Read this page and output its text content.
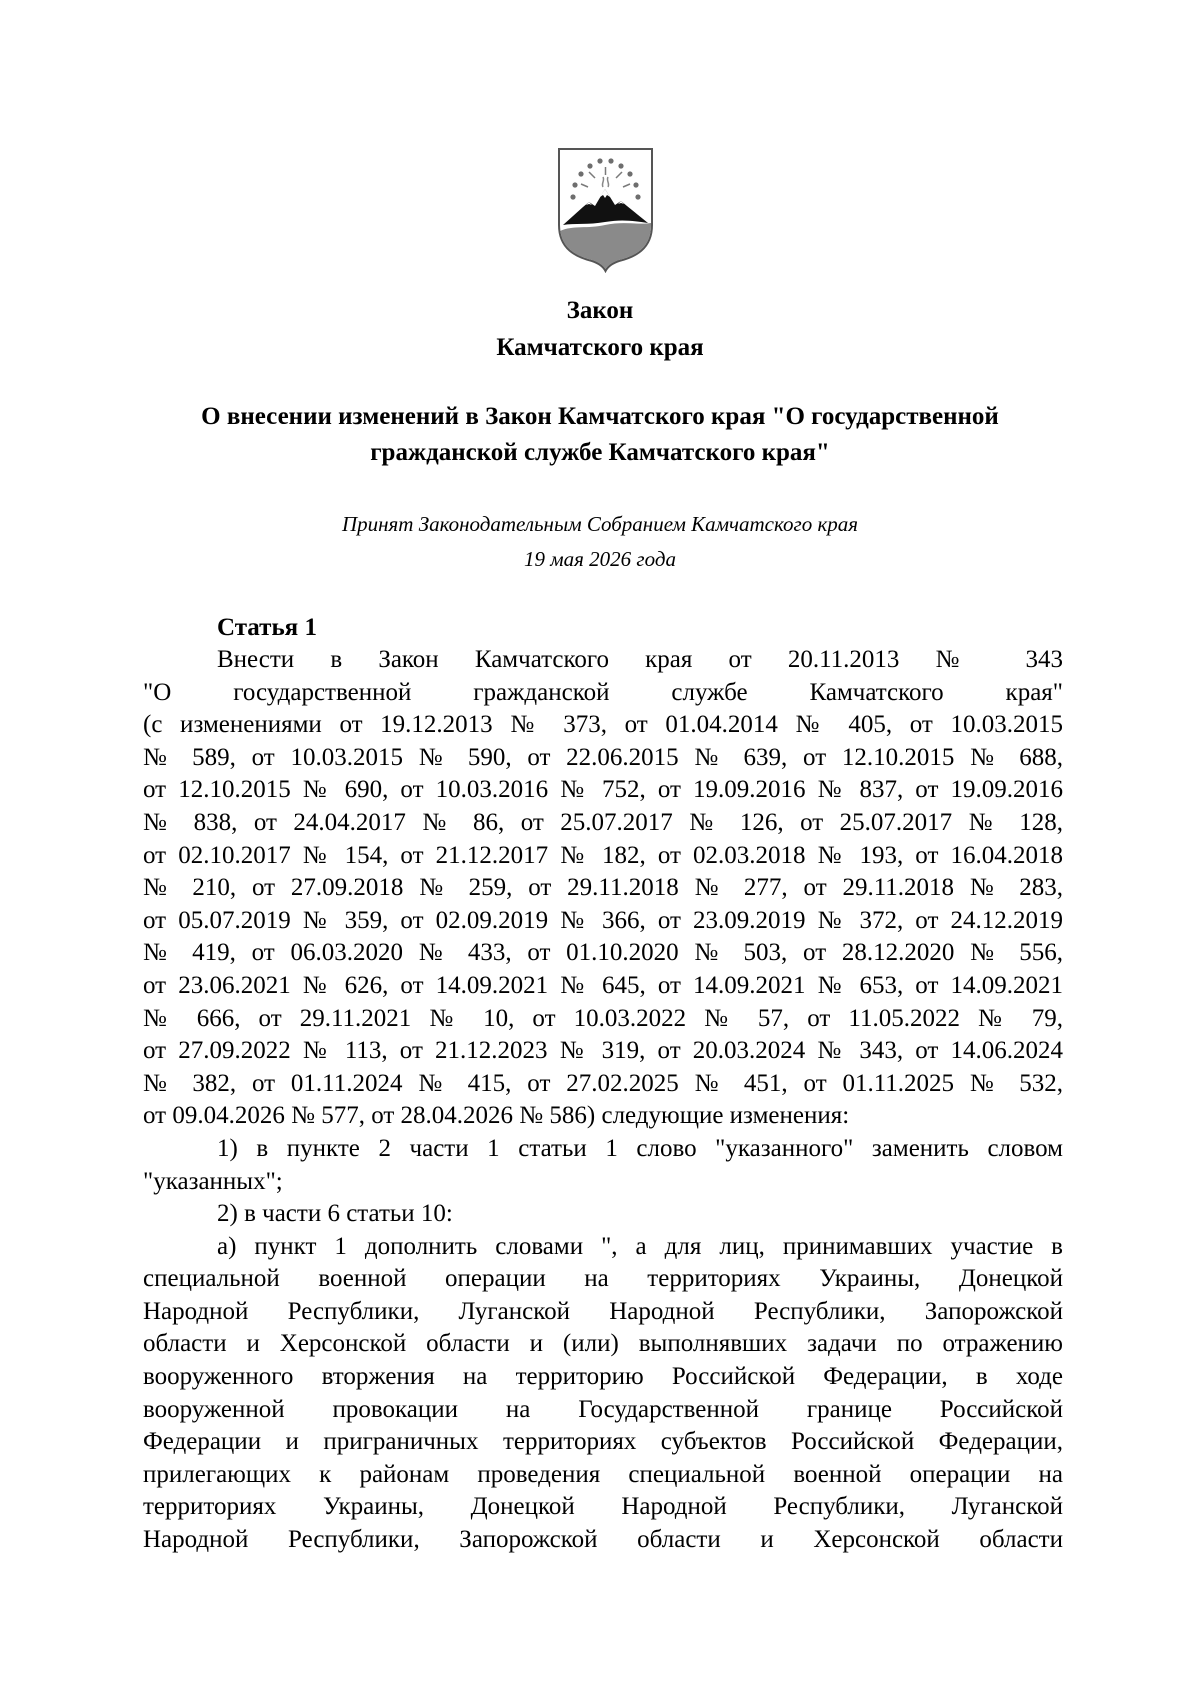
Закон
Камчатского края
О внесении изменений в Закон Камчатского края "О государственной
гражданской службе Камчатского края"
Принят Законодательным Собранием Камчатского края
19 мая 2026 года
Статья 1
Внести в Закон Камчатского края от 20.11.2013 № 343
"О государственной гражданской службе Камчатского края"
(с изменениями от 19.12.2013 № 373, от 01.04.2014 № 405, от 10.03.2015
№ 589, от 10.03.2015 № 590, от 22.06.2015 № 639, от 12.10.2015 № 688,
от 12.10.2015 № 690, от 10.03.2016 № 752, от 19.09.2016 № 837, от 19.09.2016
№ 838, от 24.04.2017 № 86, от 25.07.2017 № 126, от 25.07.2017 № 128,
от 02.10.2017 № 154, от 21.12.2017 № 182, от 02.03.2018 № 193, от 16.04.2018
№ 210, от 27.09.2018 № 259, от 29.11.2018 № 277, от 29.11.2018 № 283,
от 05.07.2019 № 359, от 02.09.2019 № 366, от 23.09.2019 № 372, от 24.12.2019
№ 419, от 06.03.2020 № 433, от 01.10.2020 № 503, от 28.12.2020 № 556,
от 23.06.2021 № 626, от 14.09.2021 № 645, от 14.09.2021 № 653, от 14.09.2021
№ 666, от 29.11.2021 № 10, от 10.03.2022 № 57, от 11.05.2022 № 79,
от 27.09.2022 № 113, от 21.12.2023 № 319, от 20.03.2024 № 343, от 14.06.2024
№ 382, от 01.11.2024 № 415, от 27.02.2025 № 451, от 01.11.2025 № 532,
от 09.04.2026 № 577, от 28.04.2026 № 586) следующие изменения:
1) в пункте 2 части 1 статьи 1 слово "указанного" заменить словом
"указанных";
2) в части 6 статьи 10:
а) пункт 1 дополнить словами ", а для лиц, принимавших участие в
специальной военной операции на территориях Украины, Донецкой
Народной Республики, Луганской Народной Республики, Запорожской
области и Херсонской области и (или) выполнявших задачи по отражению
вооруженного вторжения на территорию Российской Федерации, в ходе
вооруженной провокации на Государственной границе Российской
Федерации и приграничных территориях субъектов Российской Федерации,
прилегающих к районам проведения специальной военной операции на
территориях Украины, Донецкой Народной Республики, Луганской
Народной Республики, Запорожской области и Херсонской области
